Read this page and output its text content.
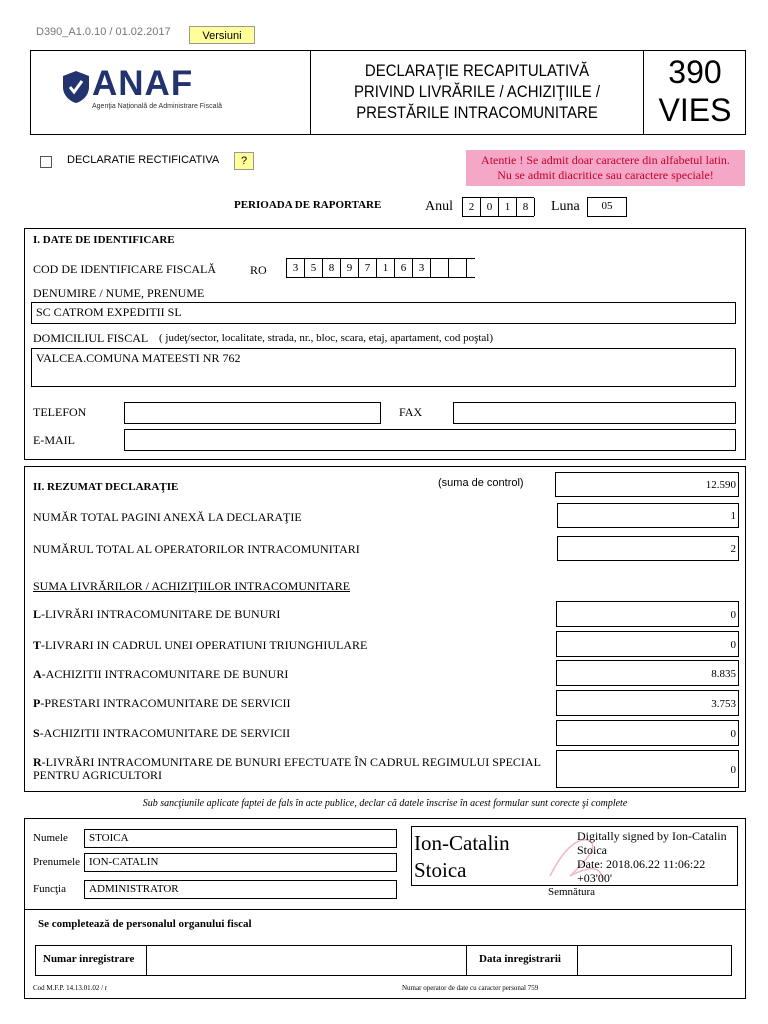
D390_A1.0.10 / 01.02.2017	Versiuni
ANAF
Agenţia Naţională de Administrare Fiscală
DECLARAŢIE RECAPITULATIVĂ
PRIVIND LIVRĂRILE / ACHIZIŢIILE /
PRESTĂRILE INTRACOMUNITARE
390
VIES
DECLARATIE RECTIFICATIVA	?	Atentie ! Se admit doar caractere din alfabetul latin.
Nu se admit diacritice sau caractere speciale!
PERIOADA DE RAPORTARE	Anul	2	0	1	8	Luna	05
I. DATE DE IDENTIFICARE
COD DE IDENTIFICARE FISCALĂ	RO	3	5	8	9	7	1	6	3
DENUMIRE / NUME, PRENUME
SC CATROM EXPEDITII SL
DOMICILIUL FISCAL ( judeţ/sector, localitate, strada, nr., bloc, scara, etaj, apartament, cod poştal)
VALCEA.COMUNA MATEESTI NR 762
TELEFON	FAX
E-MAIL
II. REZUMAT DECLARAŢIE	(suma de control)	12.590
NUMĂR TOTAL PAGINI ANEXĂ LA DECLARAŢIE	1
NUMĂRUL TOTAL AL OPERATORILOR INTRACOMUNITARI	2
SUMA LIVRĂRILOR / ACHIZIŢIILOR INTRACOMUNITARE
L-LIVRĂRI INTRACOMUNITARE DE BUNURI	0
T-LIVRARI IN CADRUL UNEI OPERATIUNI TRIUNGHIULARE	0
A-ACHIZITII INTRACOMUNITARE DE BUNURI	8.835
P-PRESTARI INTRACOMUNITARE DE SERVICII	3.753
S-ACHIZITII INTRACOMUNITARE DE SERVICII	0
R-LIVRĂRI INTRACOMUNITARE DE BUNURI EFECTUATE ÎN CADRUL REGIMULUI SPECIAL
PENTRU AGRICULTORI	0
Sub sancţiunile aplicate faptei de fals în acte publice, declar că datele înscrise în acest formular sunt corecte şi complete
Numele	STOICA
Prenumele ION-CATALIN
Funcţia	ADMINISTRATOR
Ion-Catalin
Stoica
Digitally signed by Ion-Catalin
Stoica
Date: 2018.06.22 11:06:22
+03'00'
Semnătura
Se completează de personalul organului fiscal
Numar inregistrare	Data inregistrarii
Cod M.F.P. 14.13.01.02 / r	Numar operator de date cu caracter personal 759
